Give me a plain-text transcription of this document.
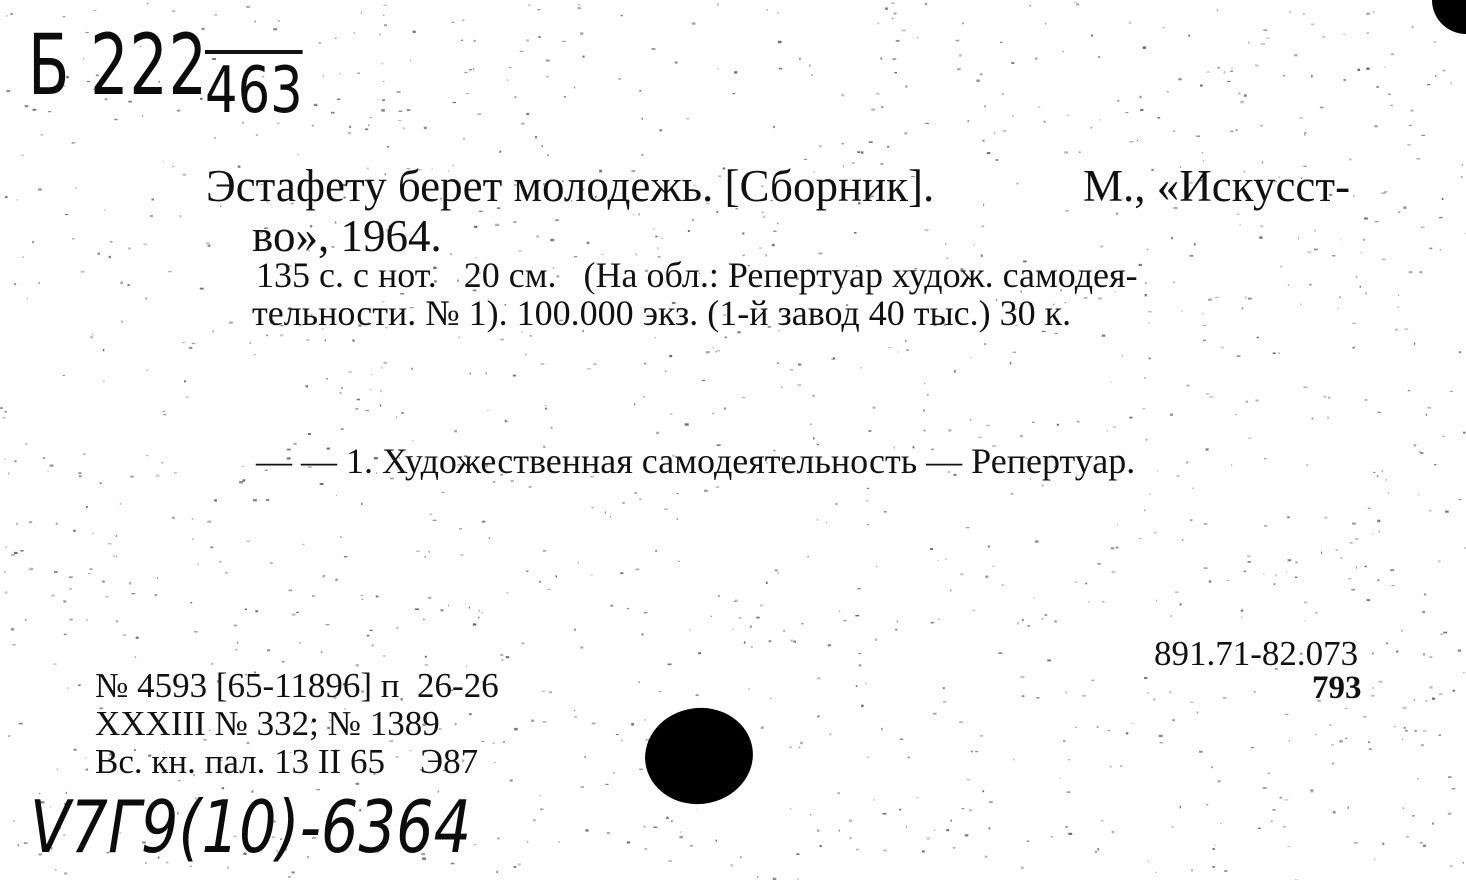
Б 222
463
Эстафету берет молодежь. [Сборник].	М., «Искусст-
во», 1964.
135 с. с нот.   20 см.   (На обл.: Репертуар худож. самодея-
тельности. № 1). 100.000 экз. (1-й завод 40 тыс.) 30 к.
— — 1. Художественная самодеятельность — Репертуар.
891.71-82.073
793
№ 4593 [65-11896] п  26-26
XXXIII № 332; № 1389
Вс. кн. пал. 13 II 65    Э87
V7Г9(10)-6364
